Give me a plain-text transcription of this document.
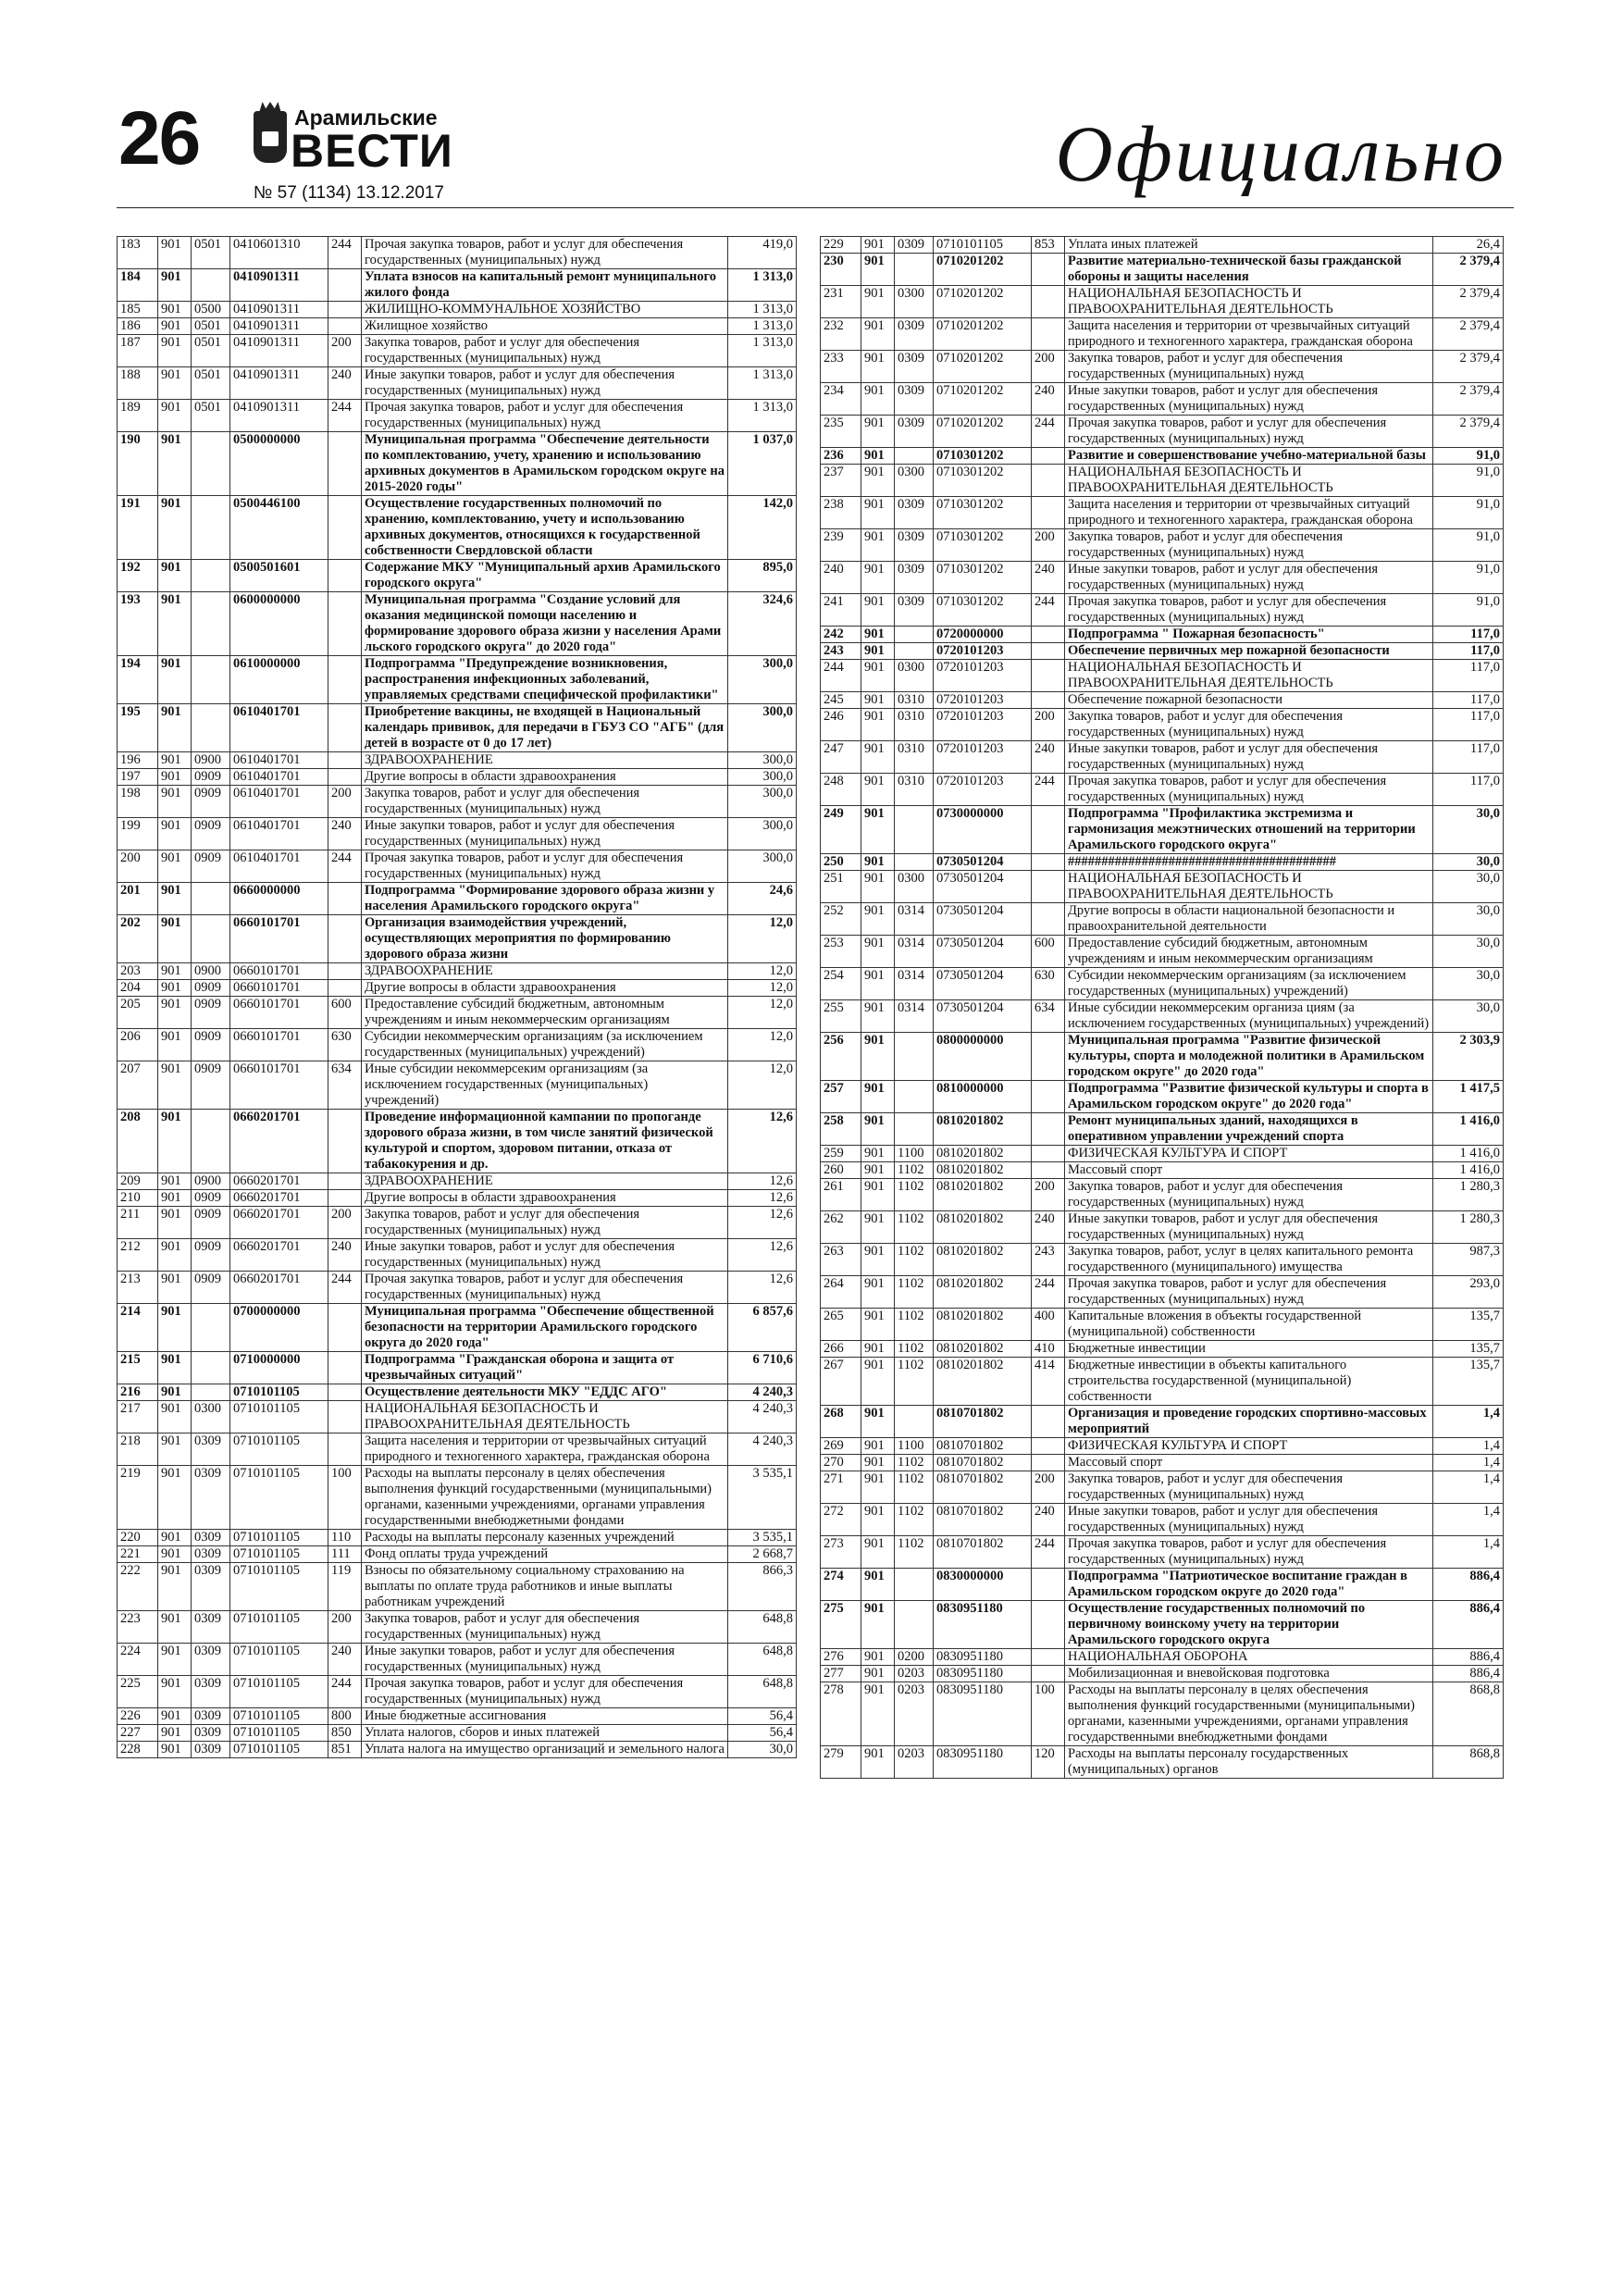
26	Арамильские
ВЕСТИ
№ 57 (1134) 13.12.2017	Официально
183	901	0501	0410601310	244	Прочая закупка товаров, работ и услуг для обеспечения государственных (муниципальных) нужд	419,0
184	901		0410901311		Уплата взносов на капитальный ремонт муниципального жилого фонда	1 313,0
185	901	0500	0410901311		ЖИЛИЩНО-КОММУНАЛЬНОЕ ХОЗЯЙСТВО	1 313,0
186	901	0501	0410901311		Жилищное хозяйство	1 313,0
187	901	0501	0410901311	200	Закупка товаров, работ и услуг для обеспечения государственных (муниципальных) нужд	1 313,0
188	901	0501	0410901311	240	Иные закупки товаров, работ и услуг для обеспечения государственных (муниципальных) нужд	1 313,0
189	901	0501	0410901311	244	Прочая закупка товаров, работ и услуг для обеспечения государственных (муниципальных) нужд	1 313,0
190	901		0500000000		Муниципальная программа "Обеспечение деятельности по комплектованию, учету, хранению и использованию архивных документов в Арамильском городском округе на 2015-2020 годы"	1 037,0
191	901		0500446100		Осуществление государственных полномочий по хранению, комплектованию, учету и использованию архивных документов, относящихся к государственной собственности Свердловской области	142,0
192	901		0500501601		Содержание МКУ "Муниципальный архив Арамильского городского округа"	895,0
193	901		0600000000		Муниципальная программа "Создание условий для оказания медицинской помощи населению и формирование здорового образа жизни у населения Арами льского городского округа" до 2020 года"	324,6
194	901		0610000000		Подпрограмма "Предупреждение возникновения, распространения инфекционных заболеваний, управляемых средствами специфической профилактики"	300,0
195	901		0610401701		Приобретение вакцины, не входящей в Национальный календарь прививок, для передачи в ГБУЗ СО "АГБ" (для детей в возрасте от 0 до 17 лет)	300,0
196	901	0900	0610401701		ЗДРАВООХРАНЕНИЕ	300,0
197	901	0909	0610401701		Другие вопросы в области здравоохранения	300,0
198	901	0909	0610401701	200	Закупка товаров, работ и услуг для обеспечения государственных (муниципальных) нужд	300,0
199	901	0909	0610401701	240	Иные закупки товаров, работ и услуг для обеспечения государственных (муниципальных) нужд	300,0
200	901	0909	0610401701	244	Прочая закупка товаров, работ и услуг для обеспечения государственных (муниципальных) нужд	300,0
201	901		0660000000		Подпрограмма "Формирование здорового образа жизни у населения Арамильского городского округа"	24,6
202	901		0660101701		Организация взаимодействия учреждений, осуществляющих мероприятия по формированию здорового образа жизни	12,0
203	901	0900	0660101701		ЗДРАВООХРАНЕНИЕ	12,0
204	901	0909	0660101701		Другие вопросы в области здравоохранения	12,0
205	901	0909	0660101701	600	Предоставление субсидий бюджетным, автономным учреждениям и иным некоммерческим организациям	12,0
206	901	0909	0660101701	630	Субсидии некоммерческим организациям (за исключением государственных (муниципальных) учреждений)	12,0
207	901	0909	0660101701	634	Иные субсидии некоммерсеким организациям (за исключением государственных (муниципальных) учреждений)	12,0
208	901		0660201701		Проведение информационной кампании по пропоганде здорового образа жизни, в том числе занятий физической культурой и спортом, здоровом питании, отказа от табакокурения и др.	12,6
209	901	0900	0660201701		ЗДРАВООХРАНЕНИЕ	12,6
210	901	0909	0660201701		Другие вопросы в области здравоохранения	12,6
211	901	0909	0660201701	200	Закупка товаров, работ и услуг для обеспечения государственных (муниципальных) нужд	12,6
212	901	0909	0660201701	240	Иные закупки товаров, работ и услуг для обеспечения государственных (муниципальных) нужд	12,6
213	901	0909	0660201701	244	Прочая закупка товаров, работ и услуг для обеспечения государственных (муниципальных) нужд	12,6
214	901		0700000000		Муниципальная программа "Обеспечение общественной безопасности на территории Арамильского городского округа до 2020 года"	6 857,6
215	901		0710000000		Подпрограмма "Гражданская оборона и защита от чрезвычайных ситуаций"	6 710,6
216	901		0710101105		Осуществление деятельности МКУ "ЕДДС АГО"	4 240,3
217	901	0300	0710101105		НАЦИОНАЛЬНАЯ БЕЗОПАСНОСТЬ И ПРАВООХРАНИТЕЛЬНАЯ ДЕЯТЕЛЬНОСТЬ	4 240,3
218	901	0309	0710101105		Защита населения и территории от чрезвычайных ситуаций природного и техногенного характера, гражданская оборона	4 240,3
219	901	0309	0710101105	100	Расходы на выплаты персоналу в целях обеспечения выполнения функций государственными (муниципальными) органами, казенными учреждениями, органами управления государственными внебюджетными фондами	3 535,1
220	901	0309	0710101105	110	Расходы на выплаты персоналу казенных учреждений	3 535,1
221	901	0309	0710101105	111	Фонд оплаты труда учреждений	2 668,7
222	901	0309	0710101105	119	Взносы по обязательному социальному страхованию на выплаты по оплате труда работников и иные выплаты работникам учреждений	866,3
223	901	0309	0710101105	200	Закупка товаров, работ и услуг для обеспечения государственных (муниципальных) нужд	648,8
224	901	0309	0710101105	240	Иные закупки товаров, работ и услуг для обеспечения государственных (муниципальных) нужд	648,8
225	901	0309	0710101105	244	Прочая закупка товаров, работ и услуг для обеспечения государственных (муниципальных) нужд	648,8
226	901	0309	0710101105	800	Иные бюджетные ассигнования	56,4
227	901	0309	0710101105	850	Уплата налогов, сборов и иных платежей	56,4
228	901	0309	0710101105	851	Уплата налога на имущество организаций и земельного налога	30,0
229	901	0309	0710101105	853	Уплата иных платежей	26,4
230	901		0710201202		Развитие материально-технической базы гражданской обороны и защиты населения	2 379,4
231	901	0300	0710201202		НАЦИОНАЛЬНАЯ БЕЗОПАСНОСТЬ И ПРАВООХРАНИТЕЛЬНАЯ ДЕЯТЕЛЬНОСТЬ	2 379,4
232	901	0309	0710201202		Защита населения и территории от чрезвычайных ситуаций природного и техногенного характера, гражданская оборона	2 379,4
233	901	0309	0710201202	200	Закупка товаров, работ и услуг для обеспечения государственных (муниципальных) нужд	2 379,4
234	901	0309	0710201202	240	Иные закупки товаров, работ и услуг для обеспечения государственных (муниципальных) нужд	2 379,4
235	901	0309	0710201202	244	Прочая закупка товаров, работ и услуг для обеспечения государственных (муниципальных) нужд	2 379,4
236	901		0710301202		Развитие и совершенствование учебно-материальной базы	91,0
237	901	0300	0710301202		НАЦИОНАЛЬНАЯ БЕЗОПАСНОСТЬ И ПРАВООХРАНИТЕЛЬНАЯ ДЕЯТЕЛЬНОСТЬ	91,0
238	901	0309	0710301202		Защита населения и территории от чрезвычайных ситуаций природного и техногенного характера, гражданская оборона	91,0
239	901	0309	0710301202	200	Закупка товаров, работ и услуг для обеспечения государственных (муниципальных) нужд	91,0
240	901	0309	0710301202	240	Иные закупки товаров, работ и услуг для обеспечения государственных (муниципальных) нужд	91,0
241	901	0309	0710301202	244	Прочая закупка товаров, работ и услуг для обеспечения государственных (муниципальных) нужд	91,0
242	901		0720000000		Подпрограмма " Пожарная безопасность"	117,0
243	901		0720101203		Обеспечение первичных мер пожарной безопасности	117,0
244	901	0300	0720101203		НАЦИОНАЛЬНАЯ БЕЗОПАСНОСТЬ И ПРАВООХРАНИТЕЛЬНАЯ ДЕЯТЕЛЬНОСТЬ	117,0
245	901	0310	0720101203		Обеспечение пожарной безопасности	117,0
246	901	0310	0720101203	200	Закупка товаров, работ и услуг для обеспечения государственных (муниципальных) нужд	117,0
247	901	0310	0720101203	240	Иные закупки товаров, работ и услуг для обеспечения государственных (муниципальных) нужд	117,0
248	901	0310	0720101203	244	Прочая закупка товаров, работ и услуг для обеспечения государственных (муниципальных) нужд	117,0
249	901		0730000000		Подпрограмма "Профилактика экстремизма и гармонизация межэтнических отношений на территории Арамильского городского округа"	30,0
250	901		0730501204		########################################	30,0
251	901	0300	0730501204		НАЦИОНАЛЬНАЯ БЕЗОПАСНОСТЬ И ПРАВООХРАНИТЕЛЬНАЯ ДЕЯТЕЛЬНОСТЬ	30,0
252	901	0314	0730501204		Другие вопросы в области национальной безопасности и правоохранительной деятельности	30,0
253	901	0314	0730501204	600	Предоставление субсидий бюджетным, автономным учреждениям и иным некоммерческим организациям	30,0
254	901	0314	0730501204	630	Субсидии некоммерческим организациям (за исключением государственных (муниципальных) учреждений)	30,0
255	901	0314	0730501204	634	Иные субсидии некоммерсеким организа циям (за исключением государственных (муниципальных) учреждений)	30,0
256	901		0800000000		Муниципальная программа "Развитие физической культуры, спорта и молодежной политики в Арамильском городском округе" до 2020 года"	2 303,9
257	901		0810000000		Подпрограмма "Развитие физической культуры и спорта в Арамильском городском округе" до 2020 года"	1 417,5
258	901		0810201802		Ремонт муниципальных зданий, находящихся в оперативном управлении учреждений спорта	1 416,0
259	901	1100	0810201802		ФИЗИЧЕСКАЯ КУЛЬТУРА И СПОРТ	1 416,0
260	901	1102	0810201802		Массовый спорт	1 416,0
261	901	1102	0810201802	200	Закупка товаров, работ и услуг для обеспечения государственных (муниципальных) нужд	1 280,3
262	901	1102	0810201802	240	Иные закупки товаров, работ и услуг для обеспечения государственных (муниципальных) нужд	1 280,3
263	901	1102	0810201802	243	Закупка товаров, работ, услуг в целях капитального ремонта государственного (муниципального) имущества	987,3
264	901	1102	0810201802	244	Прочая закупка товаров, работ и услуг для обеспечения государственных (муниципальных) нужд	293,0
265	901	1102	0810201802	400	Капитальные вложения в объекты государственной (муниципальной) собственности	135,7
266	901	1102	0810201802	410	Бюджетные инвестиции	135,7
267	901	1102	0810201802	414	Бюджетные инвестиции в объекты капитального строительства государственной (муниципальной) собственности	135,7
268	901		0810701802		Организация и проведение городских спортивно-массовых мероприятий	1,4
269	901	1100	0810701802		ФИЗИЧЕСКАЯ КУЛЬТУРА И СПОРТ	1,4
270	901	1102	0810701802		Массовый спорт	1,4
271	901	1102	0810701802	200	Закупка товаров, работ и услуг для обеспечения государственных (муниципальных) нужд	1,4
272	901	1102	0810701802	240	Иные закупки товаров, работ и услуг для обеспечения государственных (муниципальных) нужд	1,4
273	901	1102	0810701802	244	Прочая закупка товаров, работ и услуг для обеспечения государственных (муниципальных) нужд	1,4
274	901		0830000000		Подпрограмма "Патриотическое воспитание граждан в Арамильском городском округе до 2020 года"	886,4
275	901		0830951180		Осуществление государственных полномочий по первичному воинскому учету на территории Арамильского городского округа	886,4
276	901	0200	0830951180		НАЦИОНАЛЬНАЯ ОБОРОНА	886,4
277	901	0203	0830951180		Мобилизационная и вневойсковая подготовка	886,4
278	901	0203	0830951180	100	Расходы на выплаты персоналу в целях обеспечения выполнения функций государственными (муниципальными) органами, казенными учреждениями, органами управления государственными внебюджетными фондами	868,8
279	901	0203	0830951180	120	Расходы на выплаты персоналу государственных (муниципальных) органов	868,8
